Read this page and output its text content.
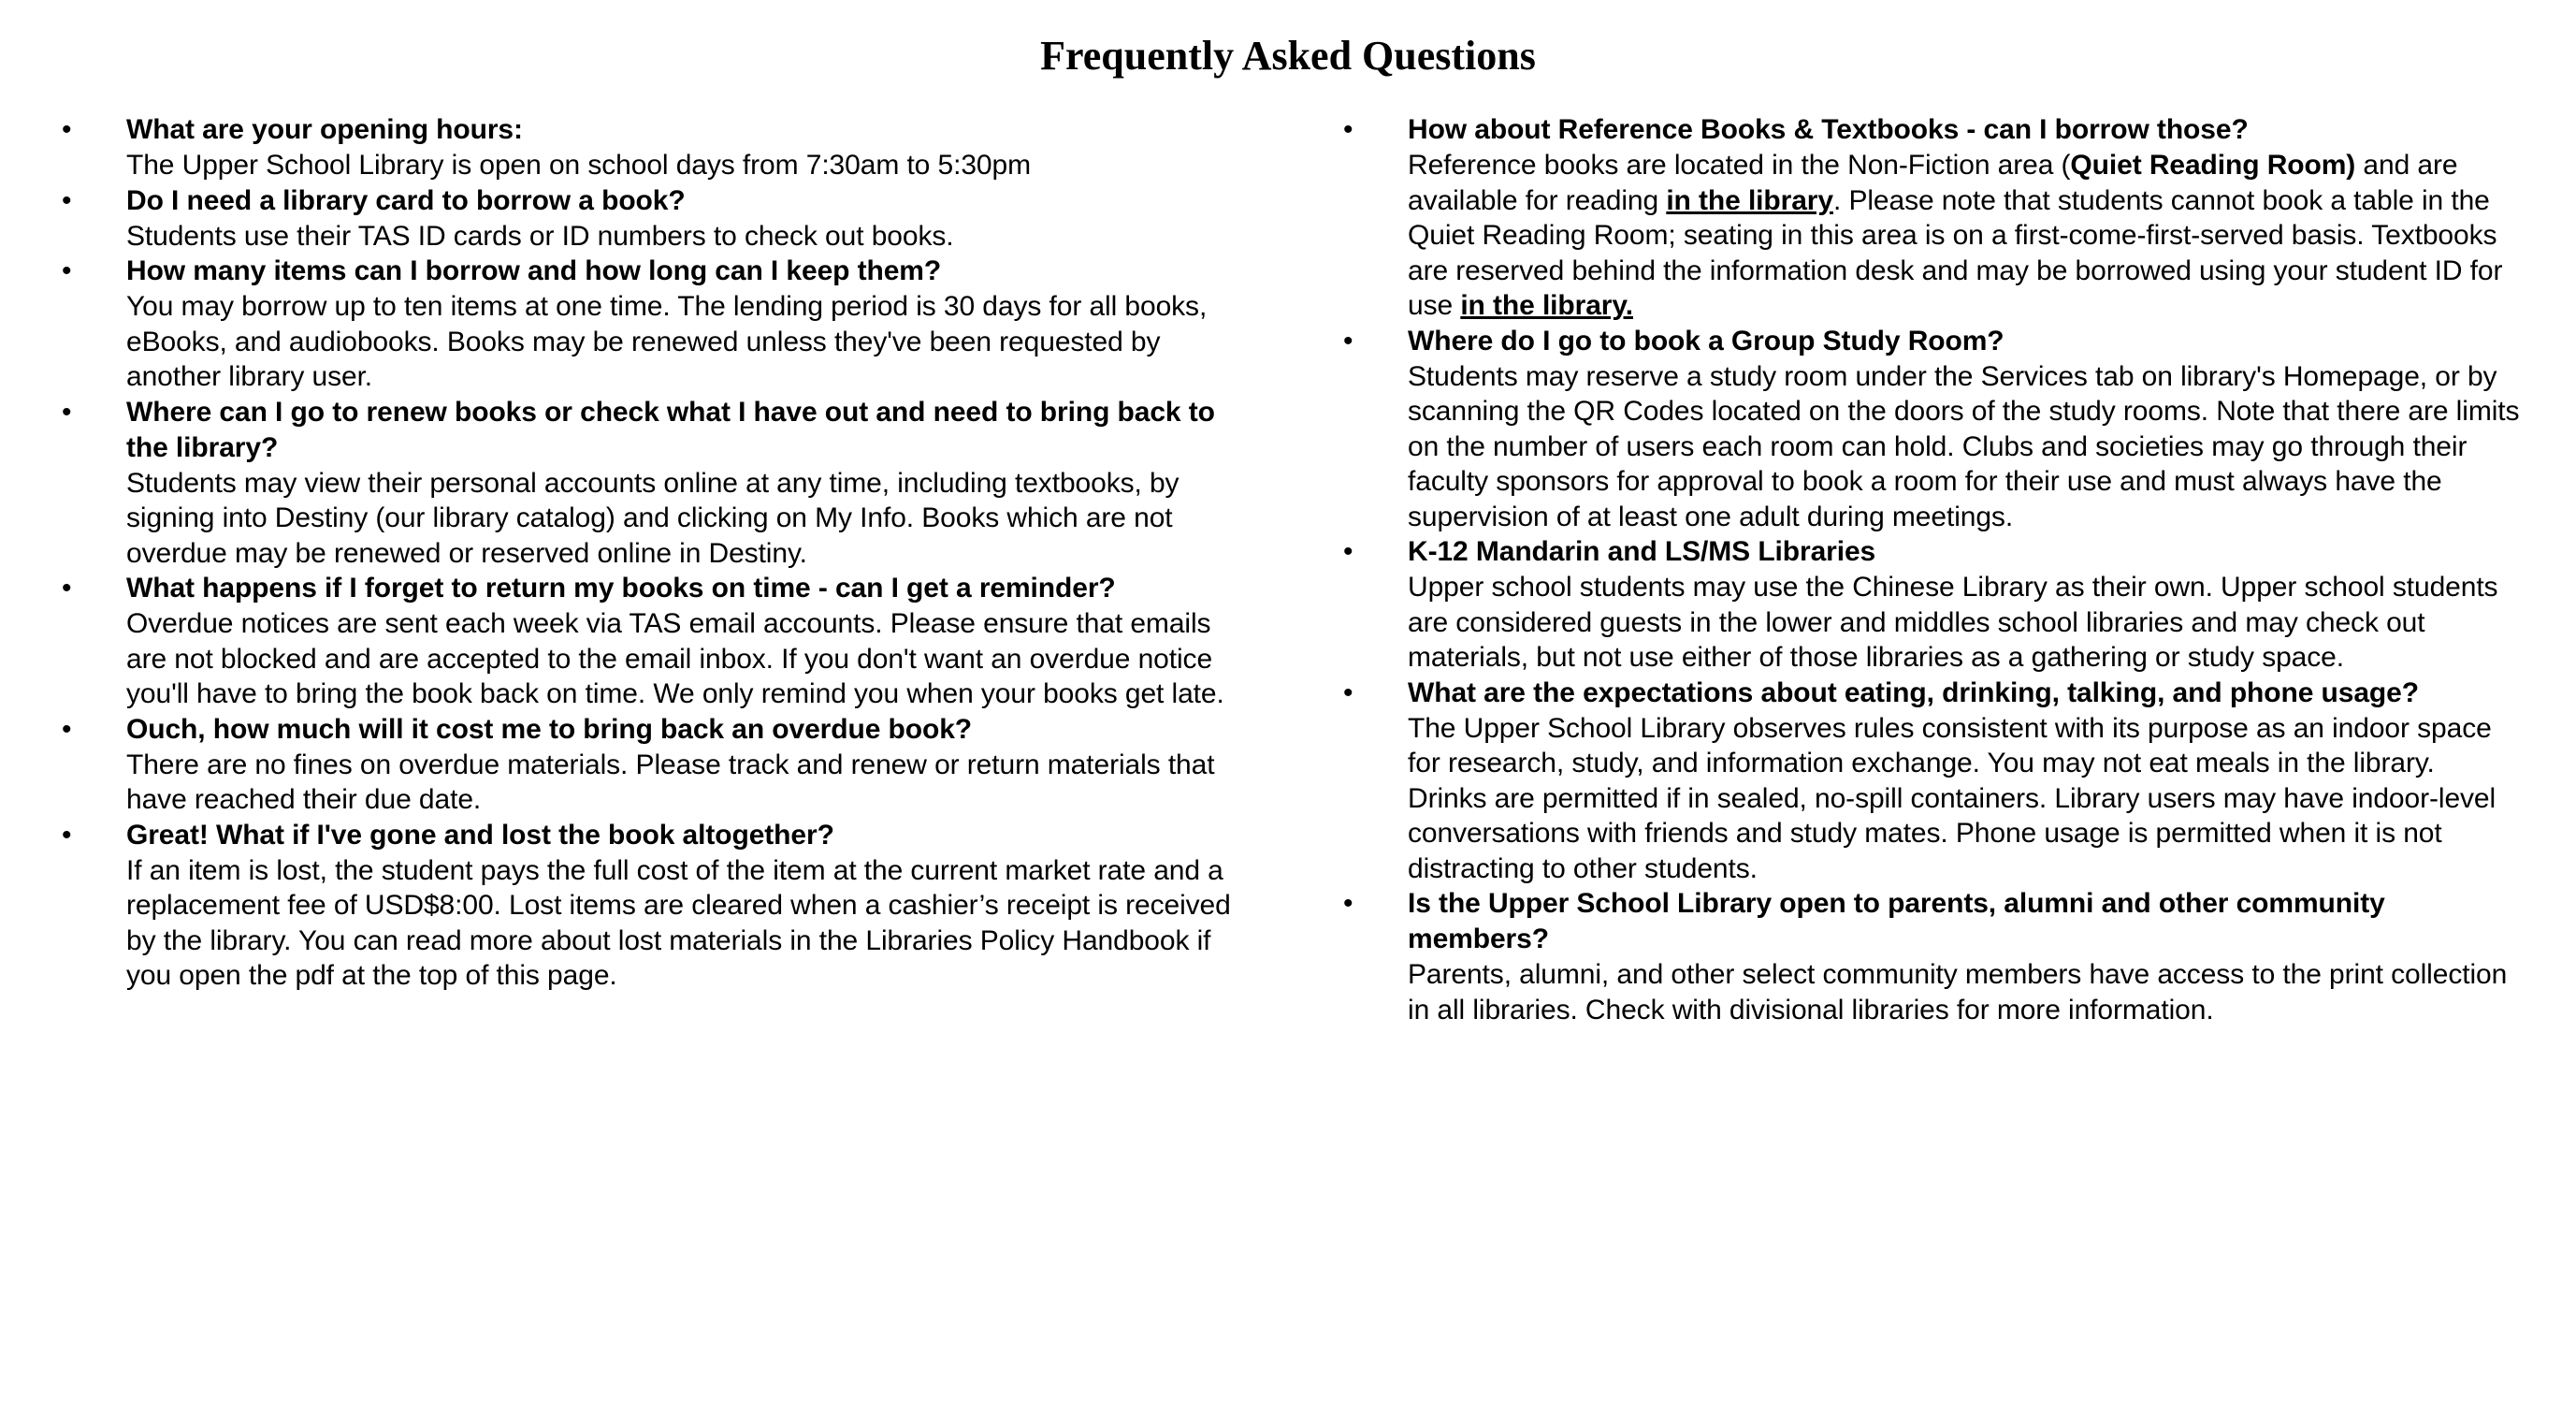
Frequently Asked Questions
•	What are your opening hours:
The Upper School Library is open on school days from 7:30am to 5:30pm
•	Do I need a library card to borrow a book?
Students use their TAS ID cards or ID numbers to check out books.
•	How many items can I borrow and how long can I keep them?
You may borrow up to ten items at one time. The lending period is 30 days for all books, eBooks, and audiobooks. Books may be renewed unless they've been requested by another library user.
•	Where can I go to renew books or check what I have out and need to bring back to the library?
Students may view their personal accounts online at any time, including textbooks, by signing into Destiny (our library catalog) and clicking on My Info. Books which are not overdue may be renewed or reserved online in Destiny.
•	What happens if I forget to return my books on time - can I get a reminder?
Overdue notices are sent each week via TAS email accounts. Please ensure that emails are not blocked and are accepted to the email inbox. If you don't want an overdue notice you'll have to bring the book back on time. We only remind you when your books get late.
•	Ouch, how much will it cost me to bring back an overdue book?
There are no fines on overdue materials. Please track and renew or return materials that have reached their due date.
•	Great! What if I've gone and lost the book altogether?
If an item is lost, the student pays the full cost of the item at the current market rate and a replacement fee of USD$8:00. Lost items are cleared when a cashier’s receipt is received by the library. You can read more about lost materials in the Libraries Policy Handbook if you open the pdf at the top of this page.
•	How about Reference Books & Textbooks - can I borrow those?
Reference books are located in the Non-Fiction area (Quiet Reading Room) and are available for reading in the library. Please note that students cannot book a table in the Quiet Reading Room; seating in this area is on a first-come-first-served basis. Textbooks are reserved behind the information desk and may be borrowed using your student ID for use in the library.
•	Where do I go to book a Group Study Room?
Students may reserve a study room under the Services tab on library's Homepage, or by scanning the QR Codes located on the doors of the study rooms. Note that there are limits on the number of users each room can hold. Clubs and societies may go through their faculty sponsors for approval to book a room for their use and must always have the supervision of at least one adult during meetings.
•	K-12 Mandarin and LS/MS Libraries
Upper school students may use the Chinese Library as their own. Upper school students are considered guests in the lower and middles school libraries and may check out materials, but not use either of those libraries as a gathering or study space.
•	What are the expectations about eating, drinking, talking, and phone usage?
The Upper School Library observes rules consistent with its purpose as an indoor space for research, study, and information exchange. You may not eat meals in the library. Drinks are permitted if in sealed, no-spill containers. Library users may have indoor-level conversations with friends and study mates. Phone usage is permitted when it is not distracting to other students.
•	Is the Upper School Library open to parents, alumni and other community members?
Parents, alumni, and other select community members have access to the print collection in all libraries. Check with divisional libraries for more information.
